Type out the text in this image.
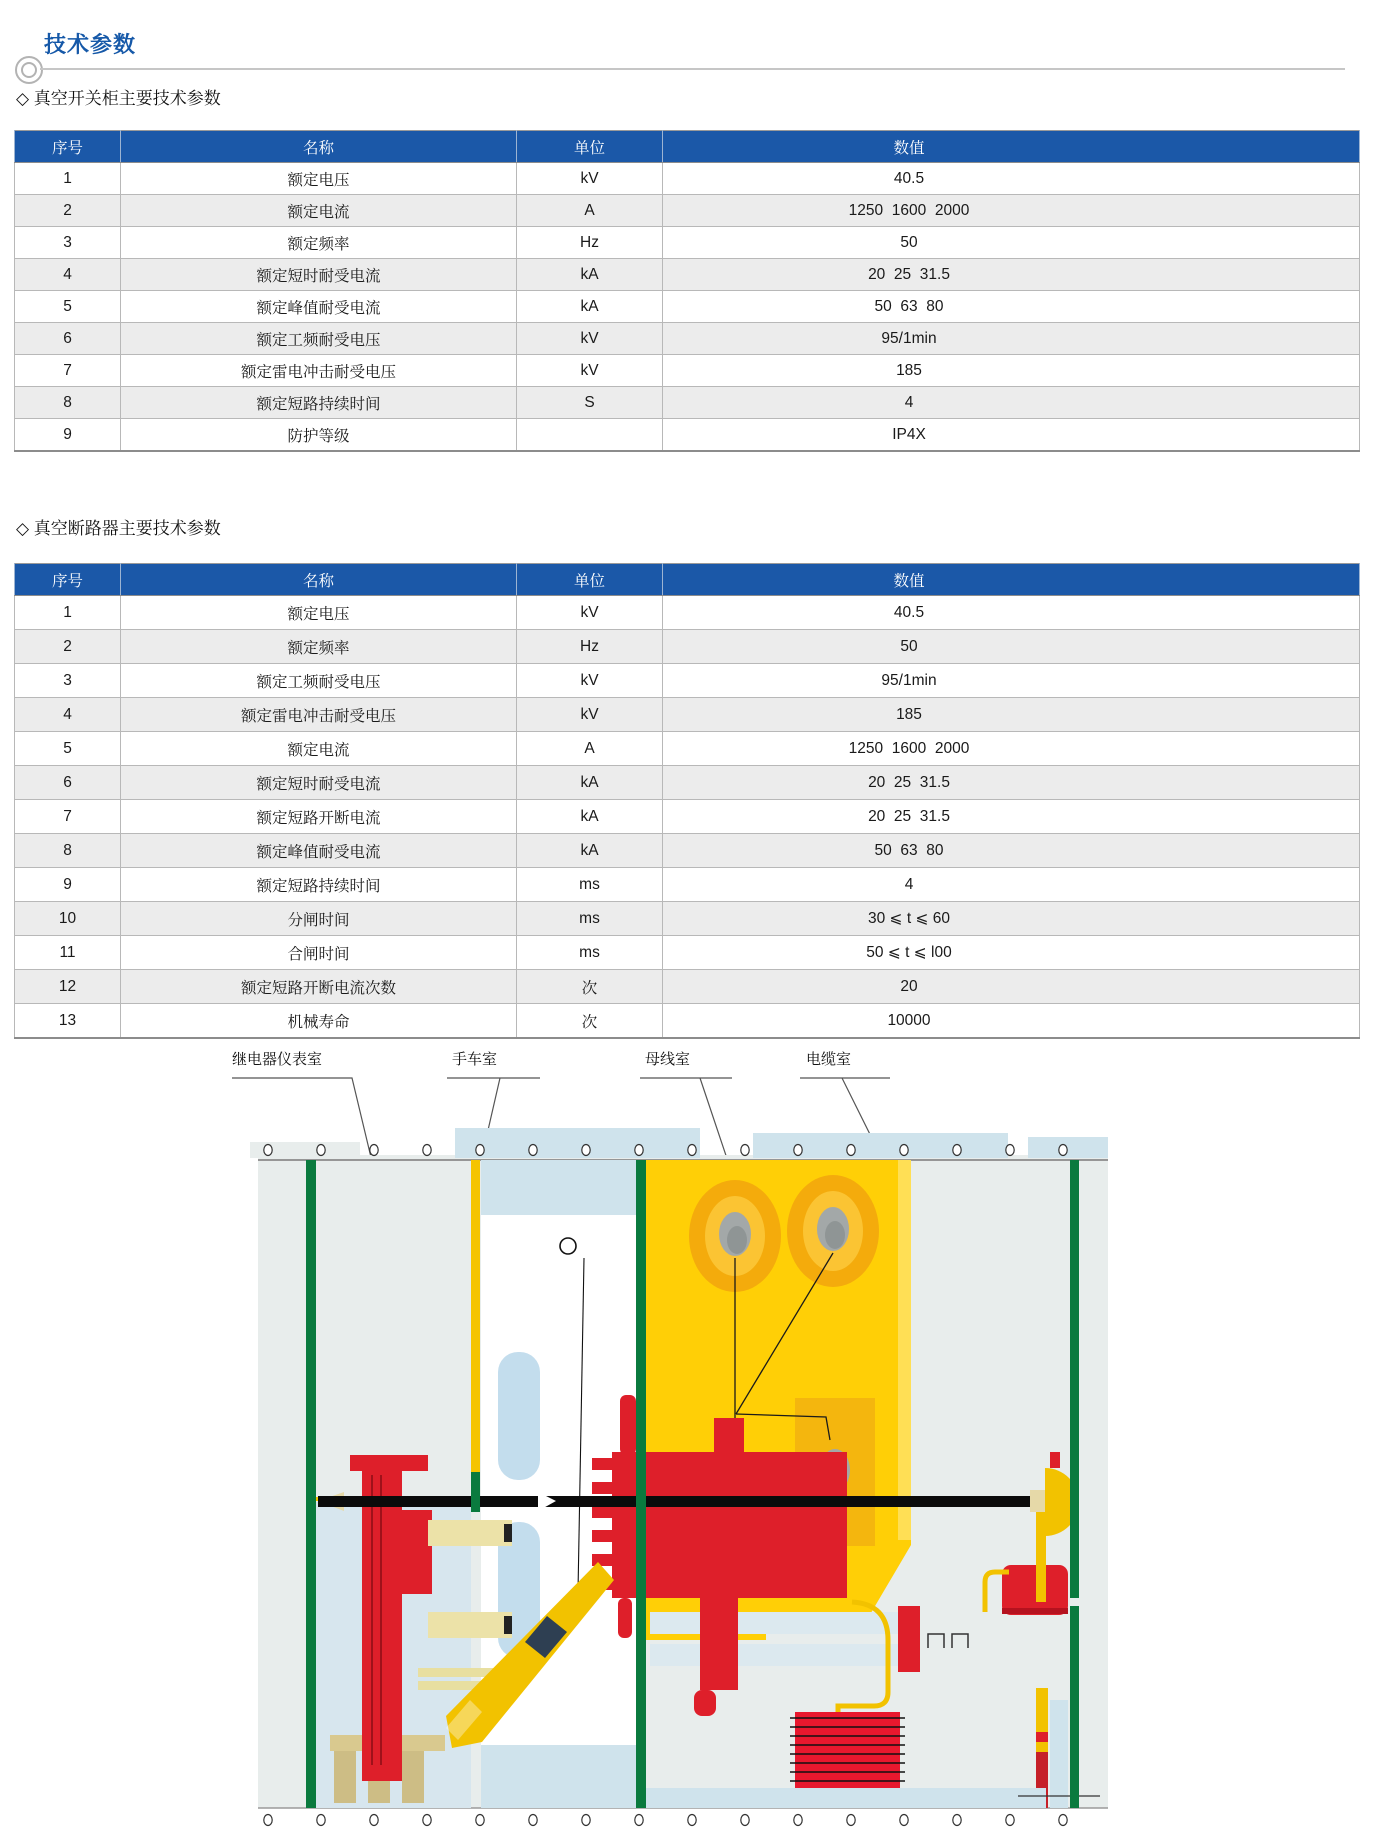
技术参数
◇ 真空开关柜主要技术参数
序号	名称	单位	数值
1	额定电压	kV	40.5
2	额定电流	A	1250  1600  2000
3	额定频率	Hz	50
4	额定短时耐受电流	kA	20  25  31.5
5	额定峰值耐受电流	kA	50  63  80
6	额定工频耐受电压	kV	95/1min
7	额定雷电冲击耐受电压	kV	185
8	额定短路持续时间	S	4
9	防护等级		IP4X
◇ 真空断路器主要技术参数
序号	名称	单位	数值
1	额定电压	kV	40.5
2	额定频率	Hz	50
3	额定工频耐受电压	kV	95/1min
4	额定雷电冲击耐受电压	kV	185
5	额定电流	A	1250  1600  2000
6	额定短时耐受电流	kA	20  25  31.5
7	额定短路开断电流	kA	20  25  31.5
8	额定峰值耐受电流	kA	50  63  80
9	额定短路持续时间	ms	4
10	分闸时间	ms	30 ⩽ t ⩽ 60
11	合闸时间	ms	50 ⩽ t ⩽ l00
12	额定短路开断电流次数	次	20
13	机械寿命	次	10000
继电器仪表室	手车室	母线室	电缆室
